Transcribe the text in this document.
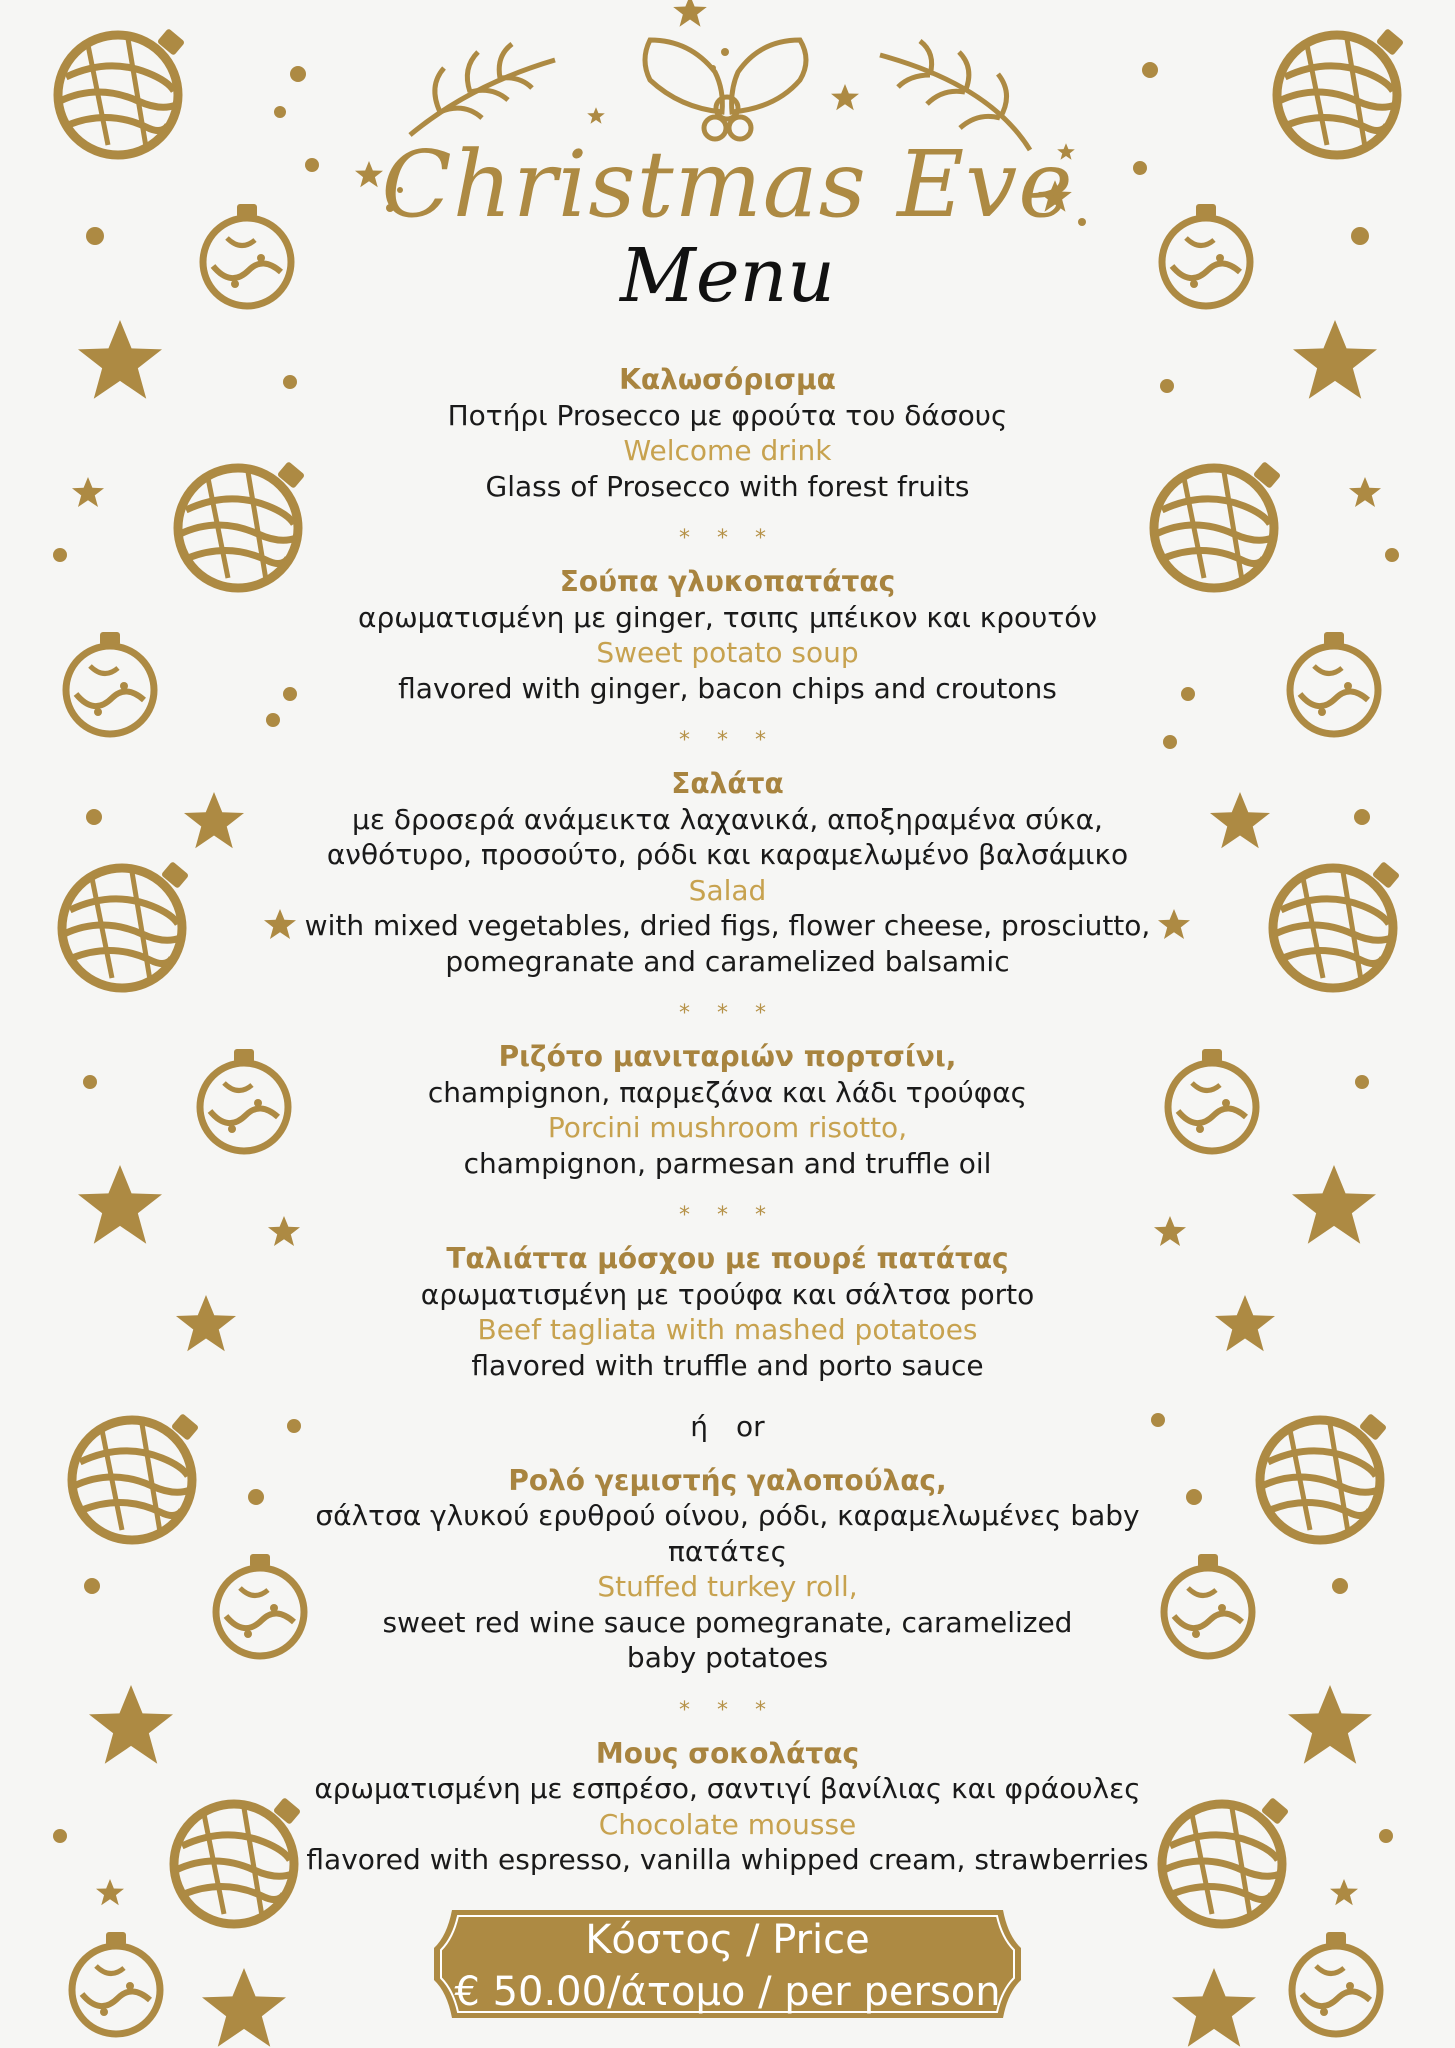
Christmas Eve
Menu
Καλωσόρισμα
Ποτήρι Prosecco με φρούτα του δάσους
Welcome drink
Glass of Prosecco with forest fruits
* * *
Σούπα γλυκοπατάτας
αρωματισμένη με ginger, τσιπς μπέικον και κρουτόν
Sweet potato soup
flavored with ginger, bacon chips and croutons
* * *
Σαλάτα
με δροσερά ανάμεικτα λαχανικά, αποξηραμένα σύκα,
ανθότυρο, προσούτο, ρόδι και καραμελωμένο βαλσάμικο
Salad
with mixed vegetables, dried figs, flower cheese, prosciutto,
pomegranate and caramelized balsamic
* * *
Ριζότο μανιταριών πορτσίνι,
champignon, παρμεζάνα και λάδι τρούφας
Porcini mushroom risotto,
champignon, parmesan and truffle oil
* * *
Ταλιάττα μόσχου με πουρέ πατάτας
αρωματισμένη με τρούφα και σάλτσα porto
Beef tagliata with mashed potatoes
flavored with truffle and porto sauce
ή or
Ρολό γεμιστής γαλοπούλας,
σάλτσα γλυκού ερυθρού οίνου, ρόδι, καραμελωμένες baby
πατάτες
Stuffed turkey roll,
sweet red wine sauce pomegranate, caramelized
baby potatoes
* * *
Μους σοκολάτας
αρωματισμένη με εσπρέσο, σαντιγί βανίλιας και φράουλες
Chocolate mousse
flavored with espresso, vanilla whipped cream, strawberries
Κόστος / Price
€ 50.00/άτομο / per person
